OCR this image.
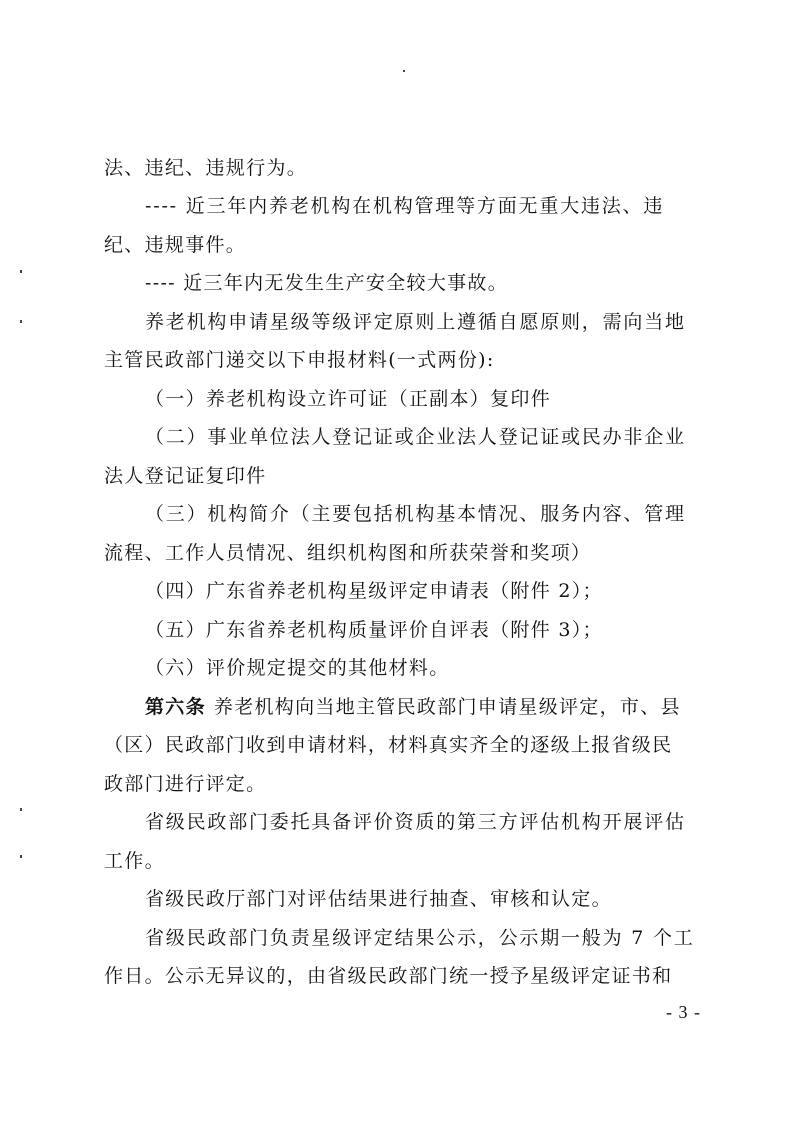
法、违纪、违规行为。
---- 近三年内养老机构在机构管理等方面无重大违法、违
纪、违规事件。
---- 近三年内无发生生产安全较大事故。
养老机构申请星级等级评定原则上遵循自愿原则，需向当地
主管民政部门递交以下申报材料(一式两份):
（一）养老机构设立许可证（正副本）复印件
（二）事业单位法人登记证或企业法人登记证或民办非企业
法人登记证复印件
（三）机构简介（主要包括机构基本情况、服务内容、管理
流程、工作人员情况、组织机构图和所获荣誉和奖项）
（四）广东省养老机构星级评定申请表（附件 2）；
（五）广东省养老机构质量评价自评表（附件 3）；
（六）评价规定提交的其他材料。
第六条 养老机构向当地主管民政部门申请星级评定，市、县
（区）民政部门收到申请材料，材料真实齐全的逐级上报省级民
政部门进行评定。
省级民政部门委托具备评价资质的第三方评估机构开展评估
工作。
省级民政厅部门对评估结果进行抽查、审核和认定。
省级民政部门负责星级评定结果公示，公示期一般为 7 个工
作日。公示无异议的，由省级民政部门统一授予星级评定证书和
- 3 -
